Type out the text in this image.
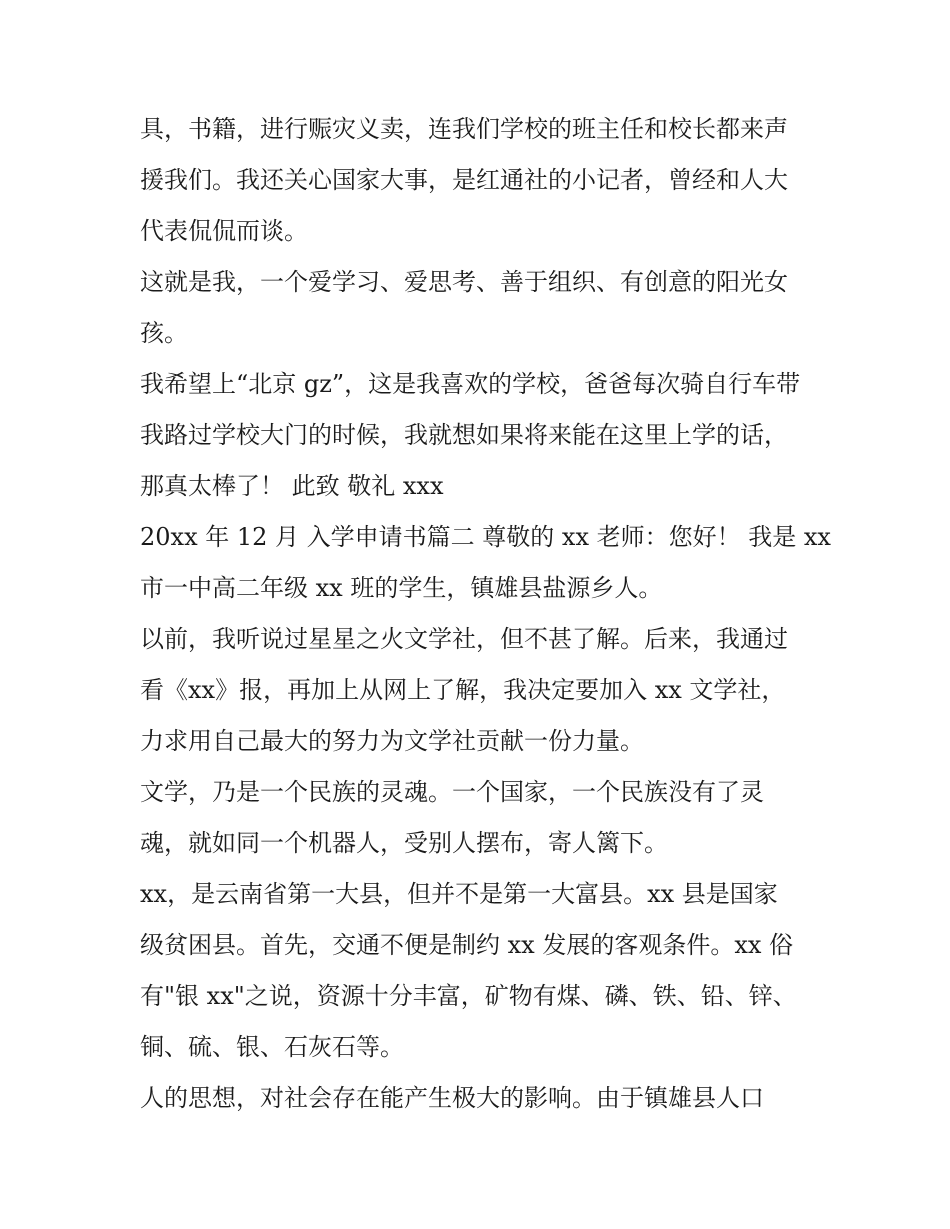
具，书籍，进行赈灾义卖，连我们学校的班主任和校长都来声
援我们。我还关心国家大事，是红通社的小记者，曾经和人大
代表侃侃而谈。

这就是我，一个爱学习、爱思考、善于组织、有创意的阳光女
孩。

我希望上“北京 gz”，这是我喜欢的学校，爸爸每次骑自行车带
我路过学校大门的时候，我就想如果将来能在这里上学的话，
那真太棒了！ 此致 敬礼 xxx

20xx 年 12 月 入学申请书篇二 尊敬的 xx 老师：您好！ 我是 xx
市一中高二年级 xx 班的学生，镇雄县盐源乡人。

以前，我听说过星星之火文学社，但不甚了解。后来，我通过
看《xx》报，再加上从网上了解，我决定要加入 xx 文学社，
力求用自己最大的努力为文学社贡献一份力量。

文学，乃是一个民族的灵魂。一个国家，一个民族没有了灵
魂，就如同一个机器人，受别人摆布，寄人篱下。

xx，是云南省第一大县，但并不是第一大富县。xx 县是国家
级贫困县。首先，交通不便是制约 xx 发展的客观条件。xx 俗
有"银 xx"之说，资源十分丰富，矿物有煤、磷、铁、铅、锌、
铜、硫、银、石灰石等。

人的思想，对社会存在能产生极大的影响。由于镇雄县人口
